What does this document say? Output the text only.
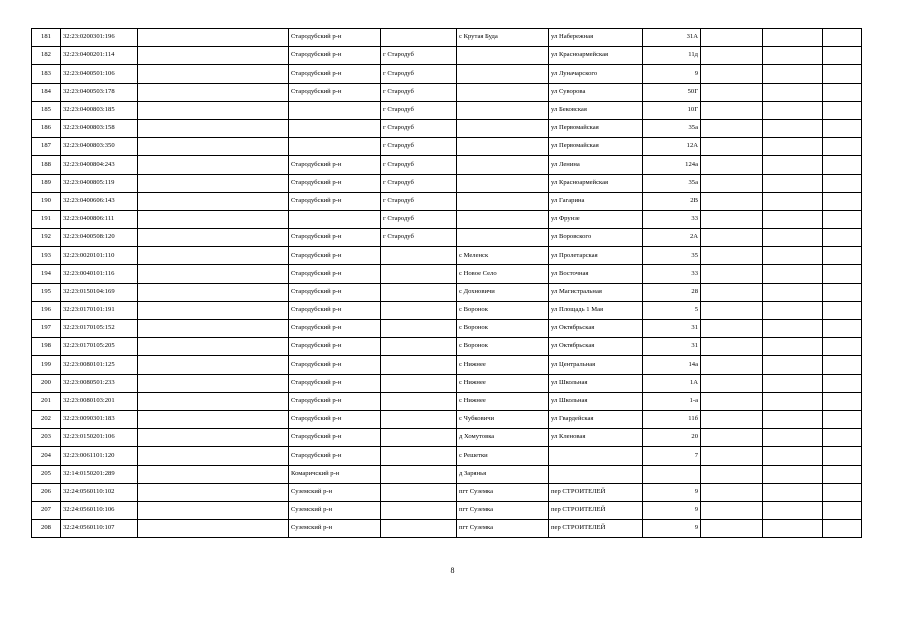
181	32:23:0200301:196		Стародубский р-н		с Крутая Буда	ул Набережная	31А			
182	32:23:0400201:114		Стародубский р-н	г Стародуб		ул Красноармейская	11д			
183	32:23:0400501:106		Стародубский р-н	г Стародуб		ул Луначарского	9			
184	32:23:0400503:178		Стародубский р-н	г Стародуб		ул Суворова	50Г			
185	32:23:0400803:185			г Стародуб		ул Бековская	10Г			
186	32:23:0400803:158			г Стародуб		ул Первомайская	35а			
187	32:23:0400803:350			г Стародуб		ул Первомайская	12А			
188	32:23:0400804:243		Стародубский р-н	г Стародуб		ул Ленина	124а			
189	32:23:0400805:119		Стародубский р-н	г Стародуб		ул Красноармейская	35а			
190	32:23:0400606:143		Стародубский р-н	г Стародуб		ул Гагарина	2В			
191	32:23:0400806:111			г Стародуб		ул Фрунзе	33			
192	32:23:0400508:120		Стародубский р-н	г Стародуб		ул Воровского	2А			
193	32:23:0020101:110		Стародубский р-н		с Меленск	ул Пролетарская	35			
194	32:23:0040101:116		Стародубский р-н		с Новое Село	ул Восточная	33			
195	32:23:0150104:169		Стародубский р-н		с Дохновичи	ул Магистральная	28			
196	32:23:0170101:191		Стародубский р-н		с Воронок	ул Площадь 1 Мая	5			
197	32:23:0170105:152		Стародубский р-н		с Воронок	ул Октябрьская	31			
198	32:23:0170105:205		Стародубский р-н		с Воронок	ул Октябрьская	31			
199	32:23:0080101:125		Стародубский р-н		с Нижнее	ул Центральная	14а			
200	32:23:0080501:233		Стародубский р-н		с Нижнее	ул Школьная	1А			
201	32:23:0080103:201		Стародубский р-н		с Нижнее	ул Школьная	1-а			
202	32:23:0090301:183		Стародубский р-н		с Чубковичи	ул Гвардейская	11б			
203	32:23:0150201:106		Стародубский р-н		д Хомутовка	ул Кленовая	20			
204	32:23:0061101:120		Стародубский р-н		с Решетки		7			
205	32:14:0150201:289		Комаричский р-н		д Зарянья					
206	32:24:0560110:102		Суземский р-н		пгт Суземка	пер СТРОИТЕЛЕЙ	9			
207	32:24:0560110:106		Суземский р-н		пгт Суземка	пер СТРОИТЕЛЕЙ	9			
208	32:24:0560110:107		Суземский р-н		пгт Суземка	пер СТРОИТЕЛЕЙ	9			
8
